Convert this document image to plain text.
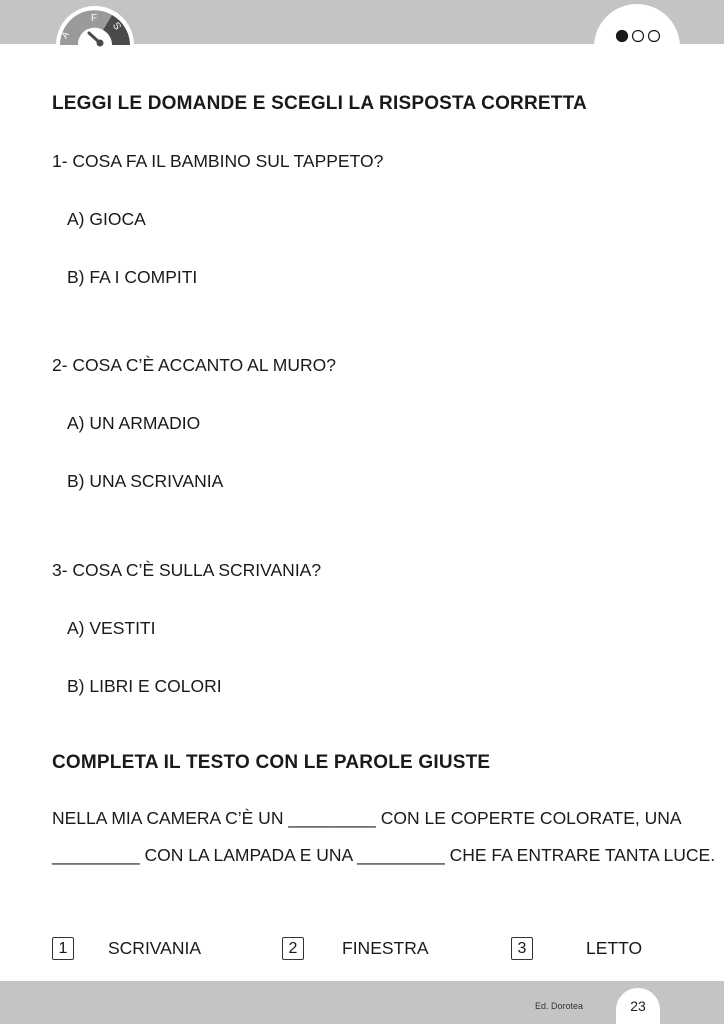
A
F
S
LEGGI LE DOMANDE E SCEGLI LA RISPOSTA CORRETTA
1- COSA FA IL BAMBINO SUL TAPPETO?
A) GIOCA
B) FA I COMPITI
2- COSA C’È ACCANTO AL MURO?
A) UN ARMADIO
B) UNA SCRIVANIA
3- COSA C’È SULLA SCRIVANIA?
A) VESTITI
B) LIBRI E COLORI
COMPLETA IL TESTO CON LE PAROLE GIUSTE
NELLA MIA CAMERA C’È UN _________ CON LE COPERTE COLORATE, UNA
_________ CON LA LAMPADA E UNA _________ CHE FA ENTRARE TANTA LUCE.
1	SCRIVANIA	2	FINESTRA	3	LETTO
Ed. Dorotea	23
